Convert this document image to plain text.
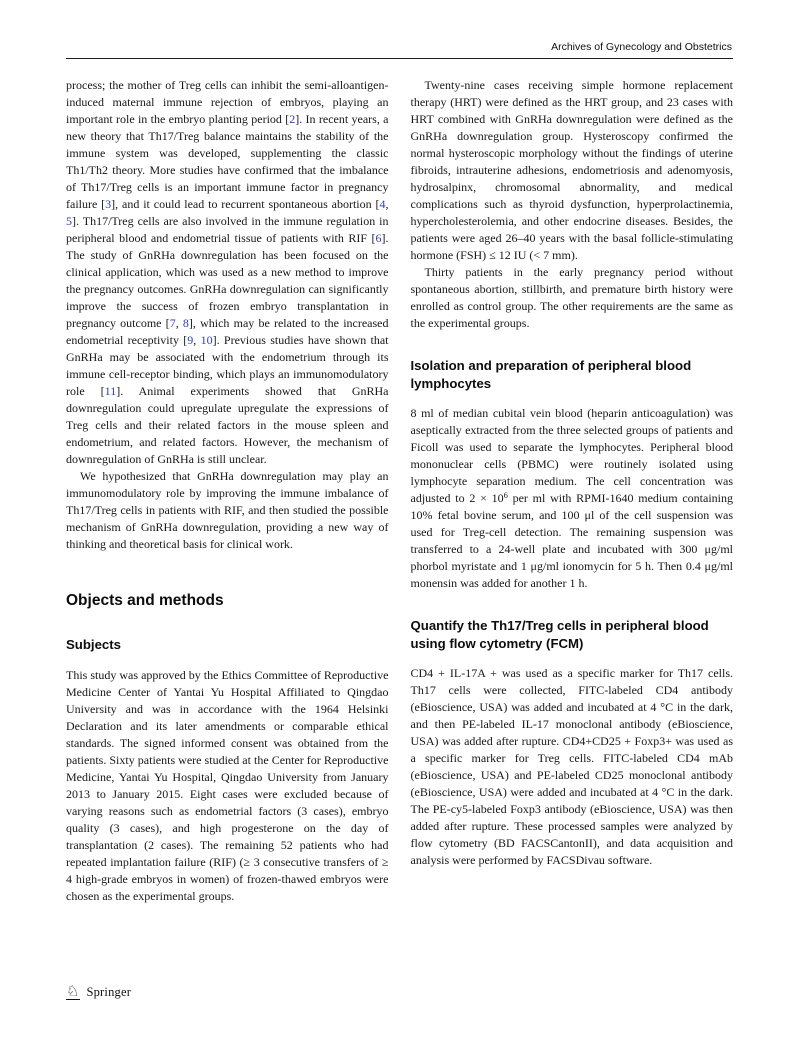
Archives of Gynecology and Obstetrics

process; the mother of Treg cells can inhibit the semi-alloantigen-induced maternal immune rejection of embryos, playing an important role in the embryo planting period [2]. In recent years, a new theory that Th17/Treg balance maintains the stability of the immune system was developed, supplementing the classic Th1/Th2 theory. More studies have confirmed that the imbalance of Th17/Treg cells is an important immune factor in pregnancy failure [3], and it could lead to recurrent spontaneous abortion [4, 5]. Th17/Treg cells are also involved in the immune regulation in peripheral blood and endometrial tissue of patients with RIF [6]. The study of GnRHa downregulation has been focused on the clinical application, which was used as a new method to improve the pregnancy outcomes. GnRHa downregulation can significantly improve the success of frozen embryo transplantation in pregnancy outcome [7, 8], which may be related to the increased endometrial receptivity [9, 10]. Previous studies have shown that GnRHa may be associated with the endometrium through its immune cell-receptor binding, which plays an immunomodulatory role [11]. Animal experiments showed that GnRHa downregulation could upregulate upregulate the expressions of Treg cells and their related factors in the mouse spleen and endometrium, and related factors. However, the mechanism of downregulation of GnRHa is still unclear.

We hypothesized that GnRHa downregulation may play an immunomodulatory role by improving the immune imbalance of Th17/Treg cells in patients with RIF, and then studied the possible mechanism of GnRHa downregulation, providing a new way of thinking and theoretical basis for clinical work.

Objects and methods
Subjects

This study was approved by the Ethics Committee of Reproductive Medicine Center of Yantai Yu Hospital Affiliated to Qingdao University and was in accordance with the 1964 Helsinki Declaration and its later amendments or comparable ethical standards. The signed informed consent was obtained from the patients. Sixty patients were studied at the Center for Reproductive Medicine, Yantai Yu Hospital, Qingdao University from January 2013 to January 2015. Eight cases were excluded because of varying reasons such as endometrial factors (3 cases), embryo quality (3 cases), and high progesterone on the day of transplantation (2 cases). The remaining 52 patients who had repeated implantation failure (RIF) (≥ 3 consecutive transfers of ≥ 4 high-grade embryos in women) of frozen-thawed embryos were chosen as the experimental groups.

Twenty-nine cases receiving simple hormone replacement therapy (HRT) were defined as the HRT group, and 23 cases with HRT combined with GnRHa downregulation were defined as the GnRHa downregulation group. Hysteroscopy confirmed the normal hysteroscopic morphology without the findings of uterine fibroids, intrauterine adhesions, endometriosis and adenomyosis, hydrosalpinx, chromosomal abnormality, and medical complications such as thyroid dysfunction, hyperprolactinemia, hypercholesterolemia, and other endocrine diseases. Besides, the patients were aged 26–40 years with the basal follicle-stimulating hormone (FSH) ≤ 12 IU (< 7 mm).

Thirty patients in the early pregnancy period without spontaneous abortion, stillbirth, and premature birth history were enrolled as control group. The other requirements are the same as the experimental groups.

Isolation and preparation of peripheral blood lymphocytes

8 ml of median cubital vein blood (heparin anticoagulation) was aseptically extracted from the three selected groups of patients and Ficoll was used to separate the lymphocytes. Peripheral blood mononuclear cells (PBMC) were routinely isolated using lymphocyte separation medium. The cell concentration was adjusted to $2 \times 10^6$ per ml with RPMI-1640 medium containing 10% fetal bovine serum, and 100 μl of the cell suspension was used for Treg-cell detection. The remaining suspension was transferred to a 24-well plate and incubated with 300 μg/ml phorbol myristate and 1 μg/ml ionomycin for 5 h. Then 0.4 μg/ml monensin was added for another 1 h.

Quantify the Th17/Treg cells in peripheral blood using flow cytometry (FCM)

CD4 + IL-17A + was used as a specific marker for Th17 cells. Th17 cells were collected, FITC-labeled CD4 antibody (eBioscience, USA) was added and incubated at 4 °C in the dark, and then PE-labeled IL-17 monoclonal antibody (eBioscience, USA) was added after rupture. CD4+CD25 + Foxp3+ was used as a specific marker for Treg cells. FITC-labeled CD4 mAb (eBioscience, USA) and PE-labeled CD25 monoclonal antibody (eBioscience, USA) were added and incubated at 4 °C in the dark. The PE-cy5-labeled Foxp3 antibody (eBioscience, USA) was then added after rupture. These processed samples were analyzed by flow cytometry (BD FACSCantonII), and data acquisition and analysis were performed by FACSDivau software.

♘ Springer
